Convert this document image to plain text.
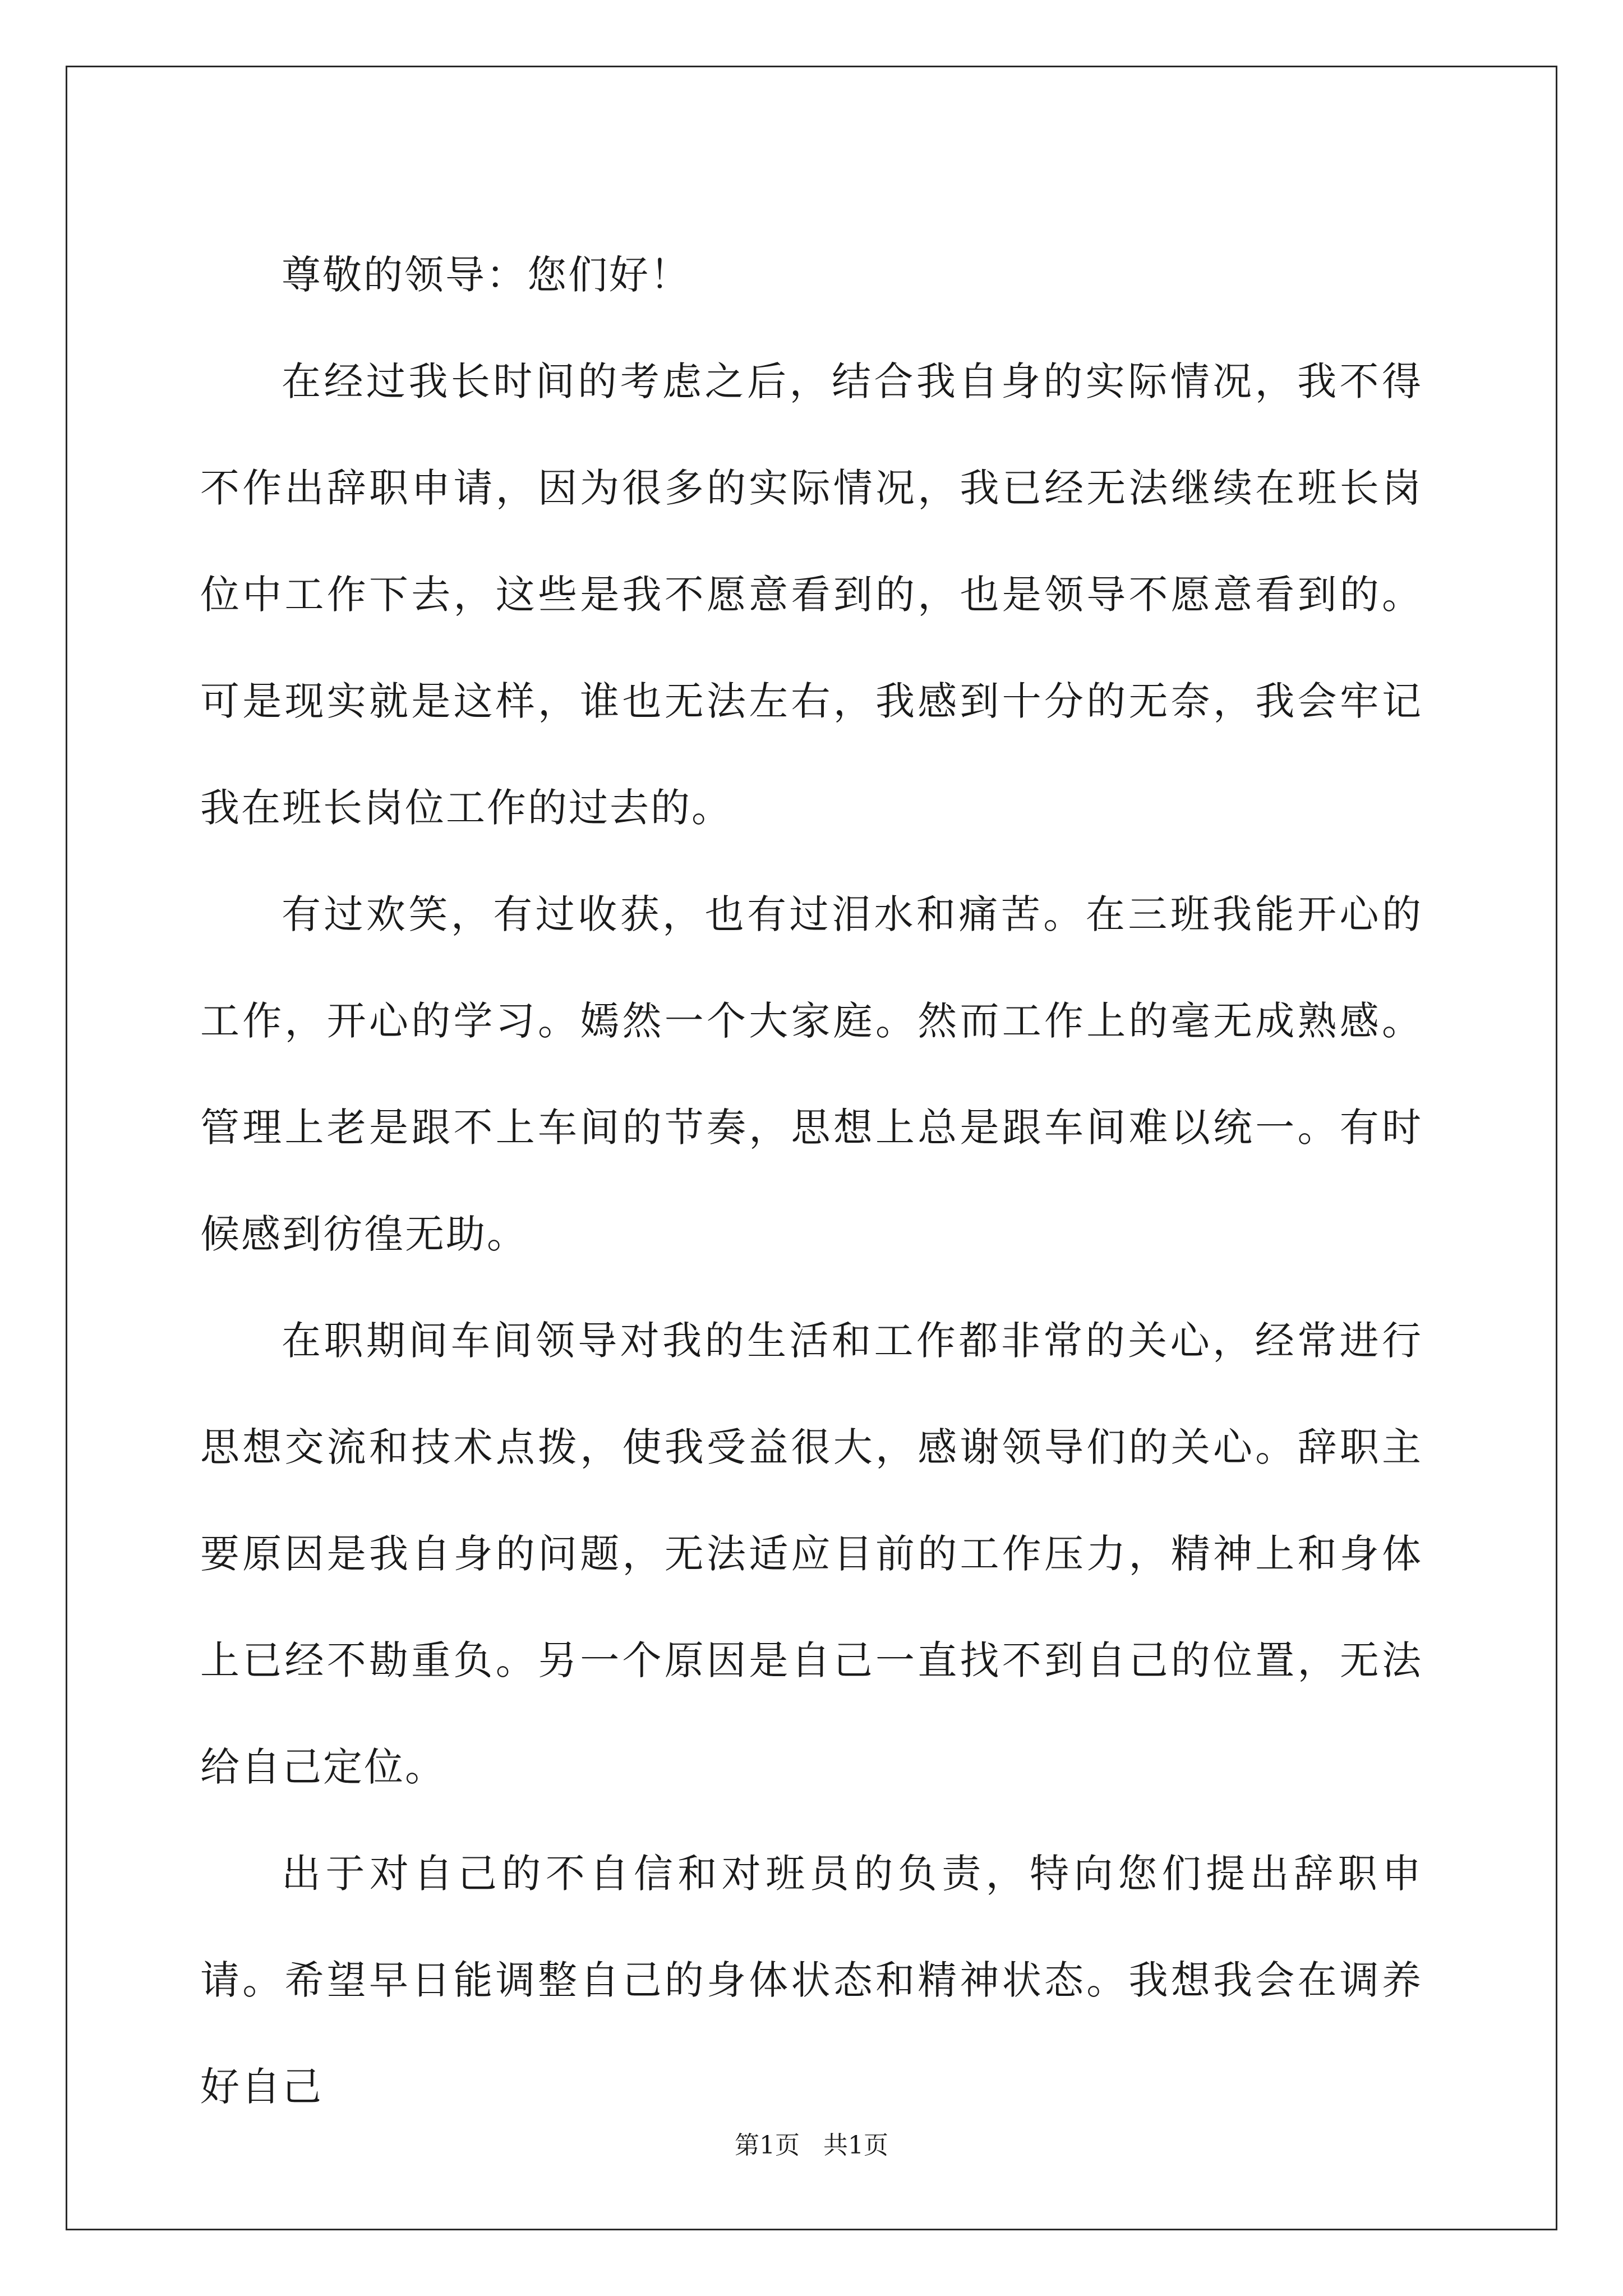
尊敬的领导：您们好！

在经过我长时间的考虑之后，结合我自身的实际情况，我不得不作出辞职申请，因为很多的实际情况，我已经无法继续在班长岗位中工作下去，这些是我不愿意看到的，也是领导不愿意看到的。可是现实就是这样，谁也无法左右，我感到十分的无奈，我会牢记我在班长岗位工作的过去的。

有过欢笑，有过收获，也有过泪水和痛苦。在三班我能开心的工作，开心的学习。嫣然一个大家庭。然而工作上的毫无成熟感。管理上老是跟不上车间的节奏，思想上总是跟车间难以统一。有时候感到彷徨无助。

在职期间车间领导对我的生活和工作都非常的关心，经常进行思想交流和技术点拨，使我受益很大，感谢领导们的关心。辞职主要原因是我自身的问题，无法适应目前的工作压力，精神上和身体上已经不勘重负。另一个原因是自己一直找不到自己的位置，无法给自己定位。

出于对自己的不自信和对班员的负责，特向您们提出辞职申请。希望早日能调整自己的身体状态和精神状态。我想我会在调养好自己

第1页   共1页
